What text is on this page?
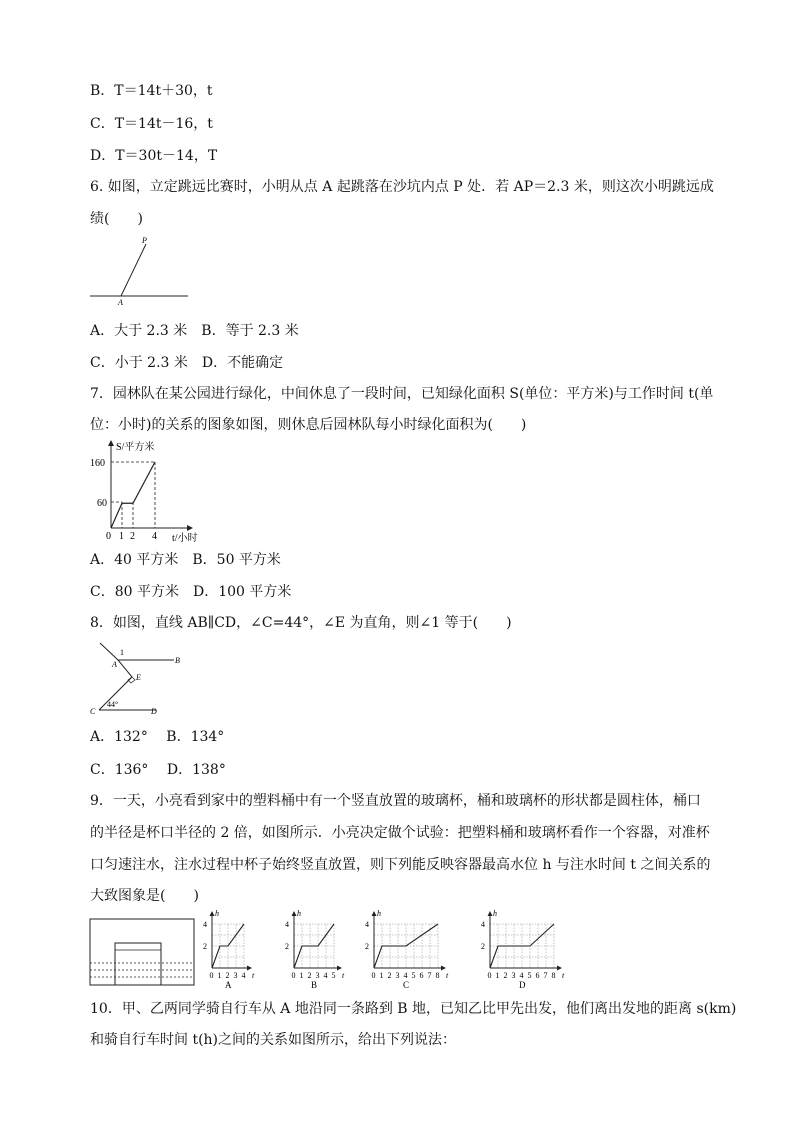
B．T＝14t＋30，t
C．T＝14t－16，t
D．T＝30t－14，T
6. 如图，立定跳远比赛时，小明从点 A 起跳落在沙坑内点 P 处．若 AP＝2.3 米，则这次小明跳远成
绩(　　)
P
A
A．大于 2.3 米　B．等于 2.3 米
C．小于 2.3 米　D．不能确定
7．园林队在某公园进行绿化，中间休息了一段时间，已知绿化面积 S(单位：平方米)与工作时间 t(单
位：小时)的关系的图象如图，则休息后园林队每小时绿化面积为(　　)
S/平方米
t/小时
160
60
0 1 2 4
A．40 平方米　B．50 平方米
C．80 平方米　D．100 平方米
8．如图，直线 AB∥CD，∠C=44°，∠E 为直角，则∠1 等于(　　)
1
A	B
E
C	D
44°
A．132°　 B．134°
C．136°　 D．138°
9．一天，小亮看到家中的塑料桶中有一个竖直放置的玻璃杯，桶和玻璃杯的形状都是圆柱体，桶口
的半径是杯口半径的 2 倍，如图所示．小亮决定做个试验：把塑料桶和玻璃杯看作一个容器，对准杯
口匀速注水，注水过程中杯子始终竖直放置，则下列能反映容器最高水位 h 与注水时间 t 之间关系的
大致图象是(　　)
h
t
0 1 2 3 4
2
4
A
h
t
0 1 2 3 4 5
2
4
B
h
t
0 1 2 3 4 5 6 7 8
2
4
C
h
t
0 1 2 3 4 5 6 7 8
2
4
D
10．甲、乙两同学骑自行车从 A 地沿同一条路到 B 地，已知乙比甲先出发，他们离出发地的距离 s(km)
和骑自行车时间 t(h)之间的关系如图所示，给出下列说法：
